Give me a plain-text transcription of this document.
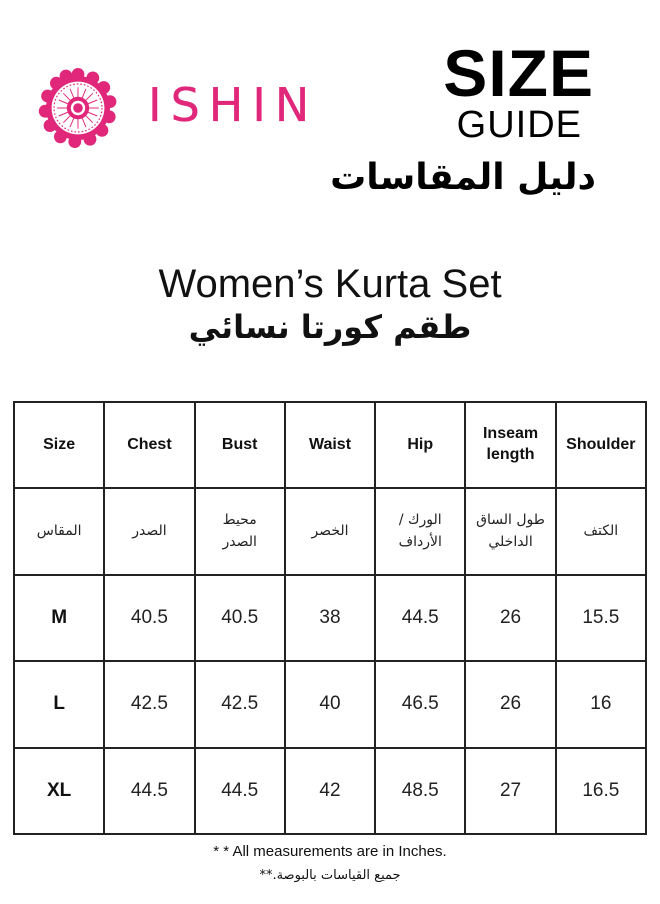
ISHIN SIZE
GUIDE
دليل المقاسات
Women’s Kurta Set
طقم كورتا نسائي
Size	Chest	Bust	Waist	Hip	Inseam length	Shoulder
المقاس	الصدر	محيط الصدر	الخصر	الورك / الأرداف	طول الساق الداخلي	الكتف
M	40.5	40.5	38	44.5	26	15.5
L	42.5	42.5	40	46.5	26	16
XL	44.5	44.5	42	48.5	27	16.5
* * All measurements are in Inches.
جميع القياسات بالبوصة.**
